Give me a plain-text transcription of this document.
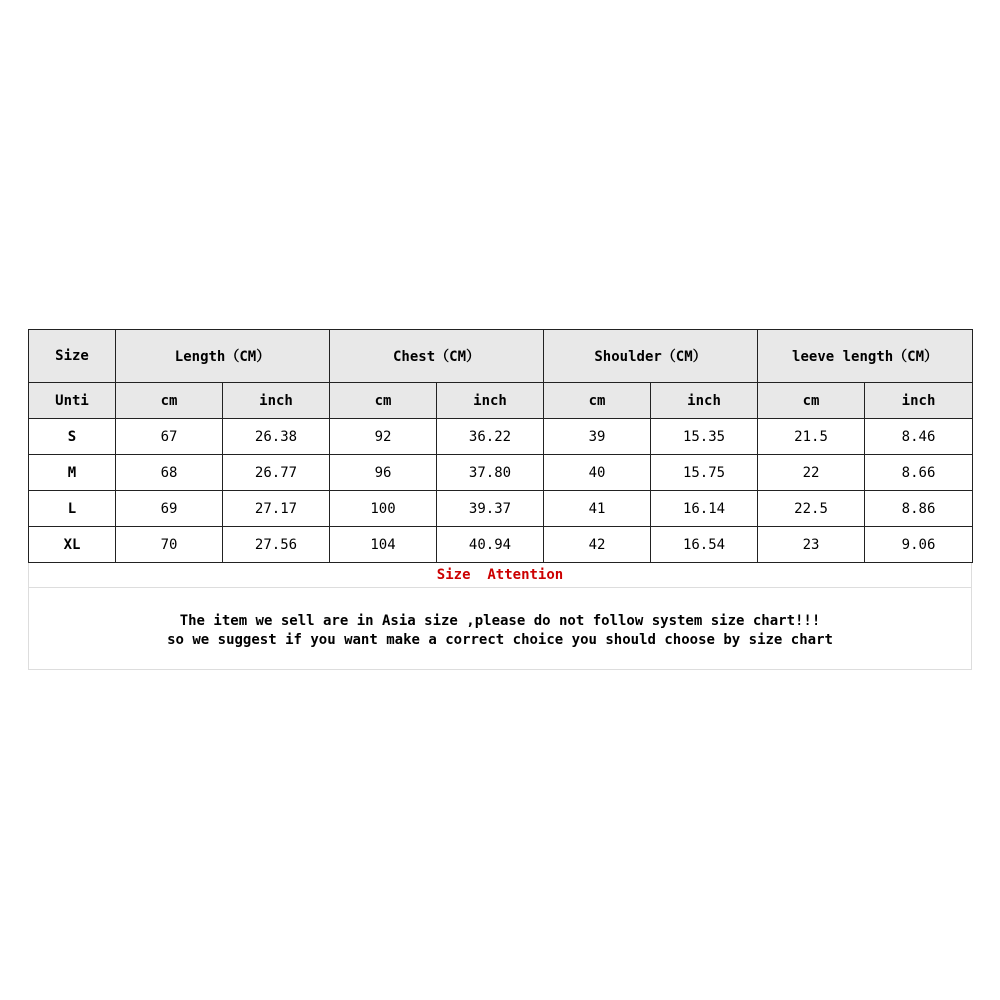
Size	Length（CM）		Chest（CM）		Shoulder（CM）		leeve length（CM）	
Unti	cm	inch	cm	inch	cm	inch	cm	inch
S	67	26.38	92	36.22	39	15.35	21.5	8.46
M	68	26.77	96	37.80	40	15.75	22	8.66
L	69	27.17	100	39.37	41	16.14	22.5	8.86
XL	70	27.56	104	40.94	42	16.54	23	9.06
Size  Attention
The item we sell are in Asia size ,please do not follow system size chart!!!
so we suggest if you want make a correct choice you should choose by size chart
